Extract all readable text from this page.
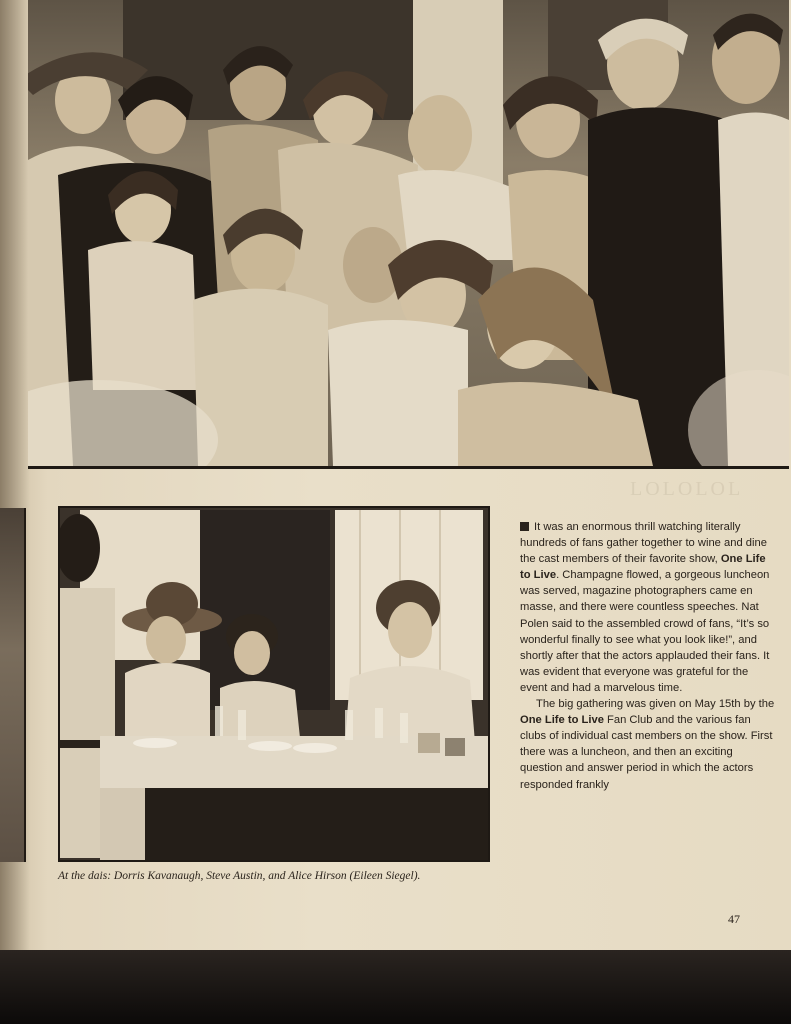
LOLOLOL

It was an enormous thrill watching literally hundreds of fans gather together to wine and dine the cast members of their favorite show, One Life to Live. Champagne flowed, a gorgeous luncheon was served, magazine photographers came en masse, and there were countless speeches. Nat Polen said to the assembled crowd of fans, “It’s so wonderful finally to see what you look like!”, and shortly after that the actors applauded their fans. It was evident that everyone was grateful for the event and had a marvelous time.

The big gathering was given on May 15th by the One Life to Live Fan Club and the various fan clubs of individual cast members on the show. First there was a luncheon, and then an exciting question and answer period in which the actors responded frankly

At the dais: Dorris Kavanaugh, Steve Austin, and Alice Hirson (Eileen Siegel).

47
